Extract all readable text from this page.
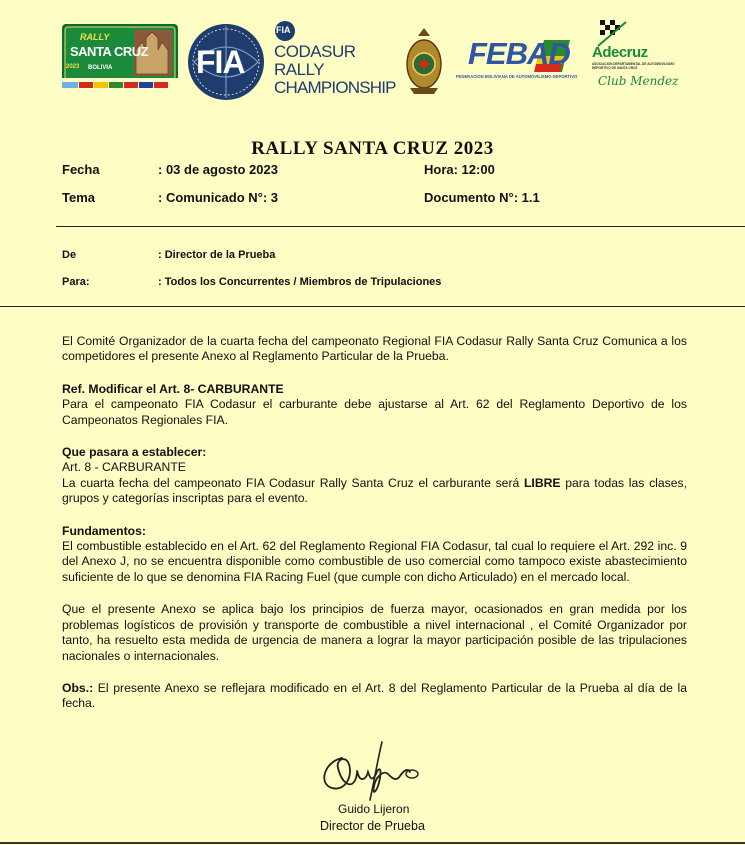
RALLY
SANTA CRUZ
BOLIVIA
2023	FIA
FIA
CODASUR
RALLY
CHAMPIONSHIP
FEBAD
FEDERACION BOLIVIANA DE AUTOMOVILISMO DEPORTIVO
Adecruz
ASOCIACION DEPARTAMENTAL DE AUTOMOVILISMO DEPORTIVO DE SANTA CRUZ
Club Mendez
RALLY SANTA CRUZ 2023
Fecha	: 03 de agosto 2023	Hora: 12:00
Tema	: Comunicado N°: 3	Documento N°: 1.1
De	: Director de la Prueba
Para:	: Todos los Concurrentes / Miembros de Tripulaciones

El Comité Organizador de la cuarta fecha del campeonato Regional FIA Codasur Rally Santa Cruz Comunica a los competidores el presente Anexo al Reglamento Particular de la Prueba.

Ref. Modificar el Art. 8- CARBURANTE

Para el campeonato FIA Codasur el carburante debe ajustarse al Art. 62 del Reglamento Deportivo de los Campeonatos Regionales FIA.

Que pasara a establecer:

Art. 8 - CARBURANTE

La cuarta fecha del campeonato FIA Codasur Rally Santa Cruz el carburante será LIBRE para todas las clases, grupos y categorías inscriptas para el evento.

Fundamentos:

El combustible establecido en el Art. 62 del Reglamento Regional FIA Codasur, tal cual lo requiere el Art. 292 inc. 9 del Anexo J, no se encuentra disponible como combustible de uso comercial como tampoco existe abastecimiento suficiente de lo que se denomina FIA Racing Fuel (que cumple con dicho Articulado) en el mercado local.

Que el presente Anexo se aplica bajo los principios de fuerza mayor, ocasionados en gran medida por los problemas logísticos de provisión y transporte de combustible a nivel internacional , el Comité Organizador por tanto, ha resuelto esta medida de urgencia de manera a lograr la mayor participación posible de las tripulaciones nacionales o internacionales.

Obs.: El presente Anexo se reflejara modificado en el Art. 8 del Reglamento Particular de la Prueba al día de la fecha.

Guido Lijeron
Director de Prueba
